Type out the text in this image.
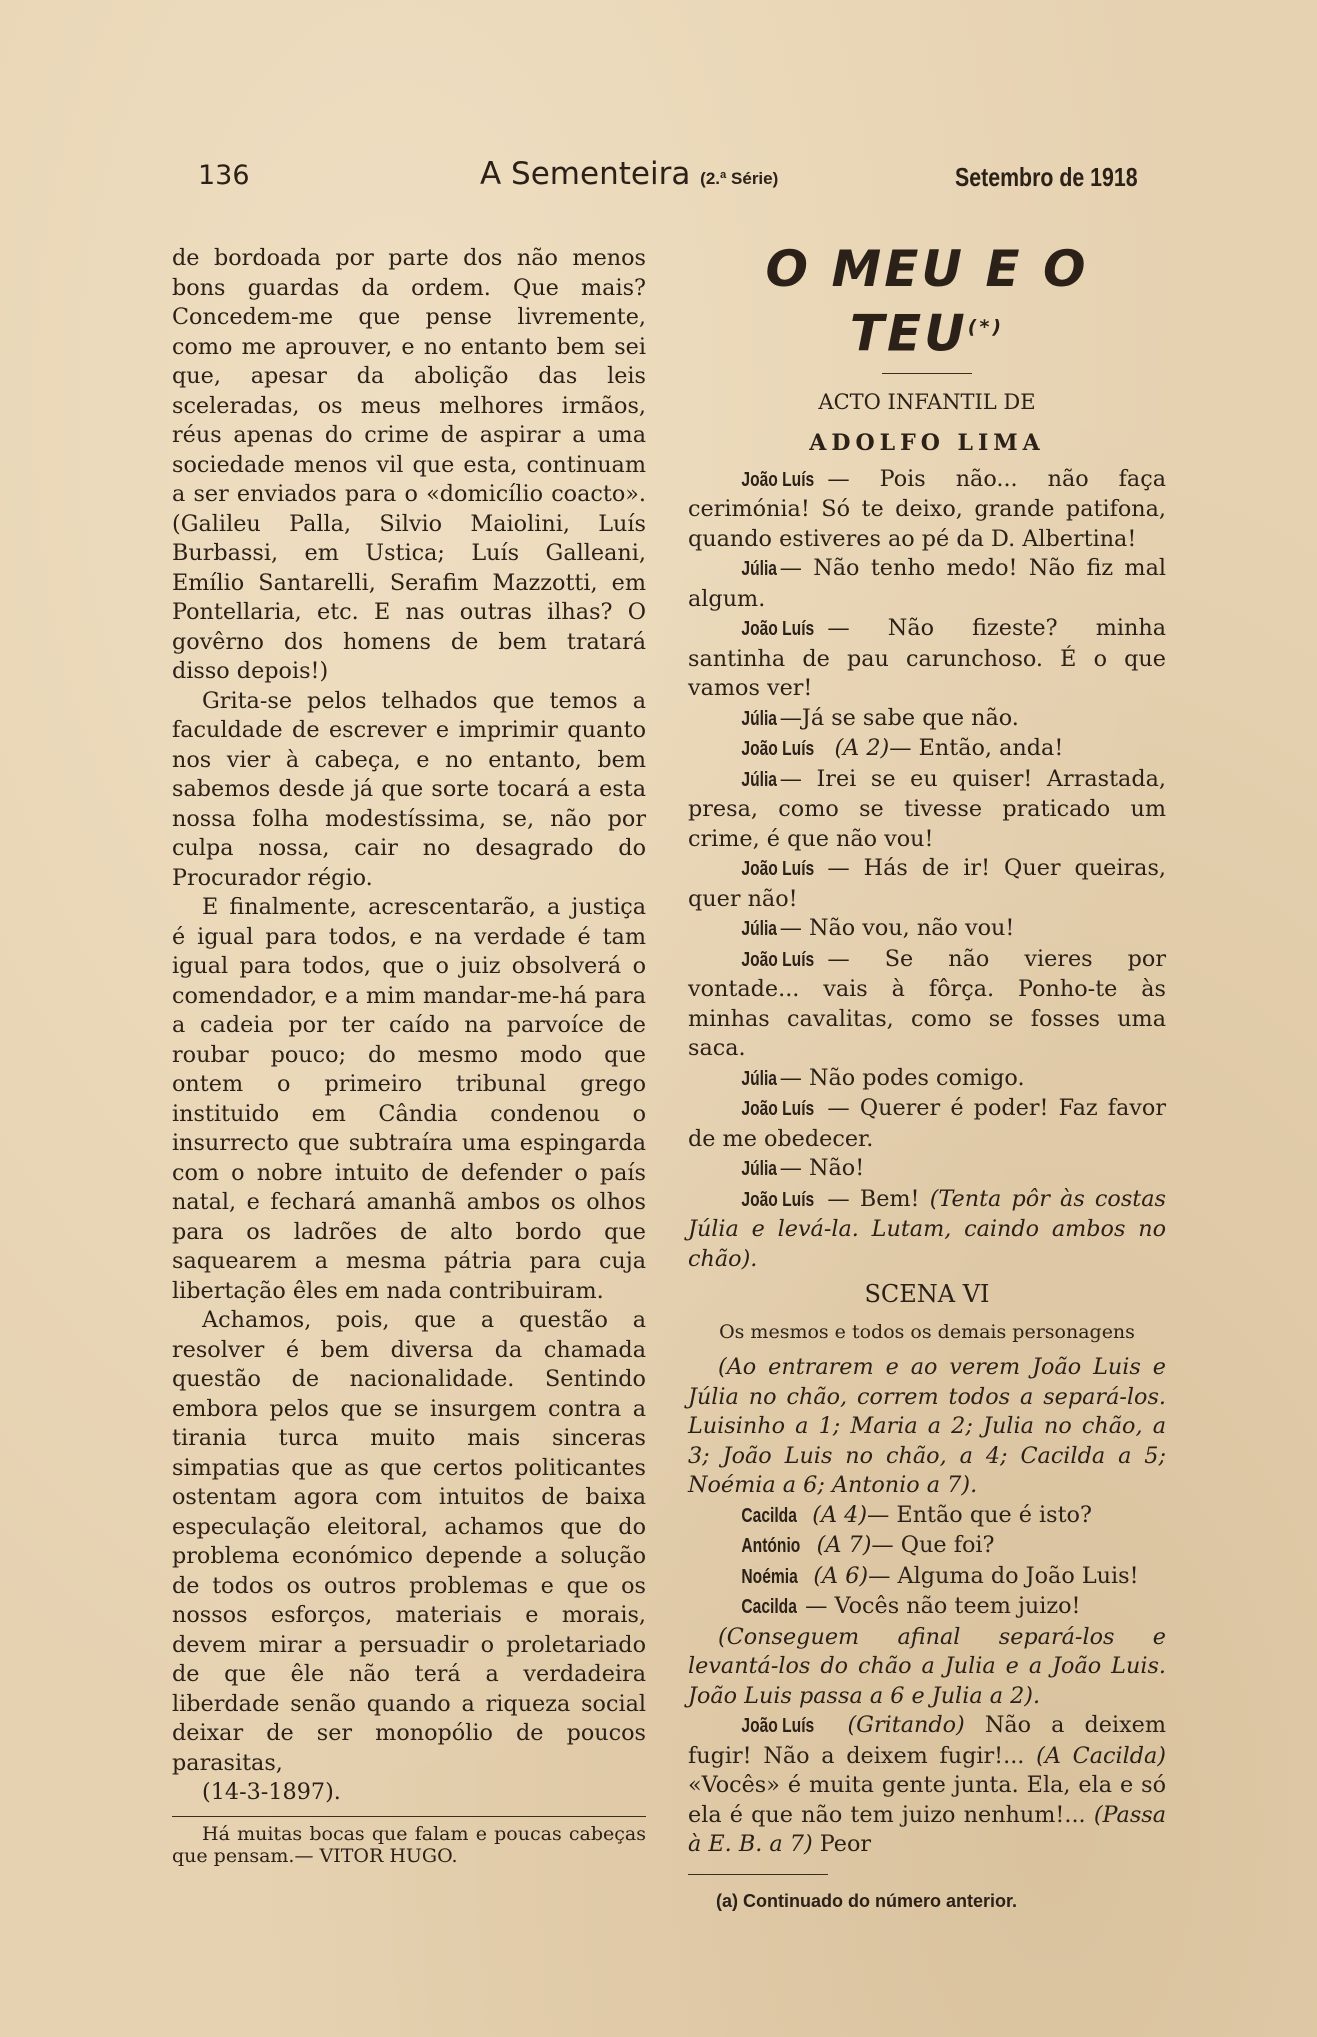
136	A Sementeira (2.ª Série)	Setembro de 1918

de bordoada por parte dos não menos bons guardas da ordem. Que mais? Concedem-me que pense livremente, como me aprouver, e no entanto bem sei que, apesar da abolição das leis sceleradas, os meus melhores irmãos, réus apenas do crime de aspirar a uma sociedade menos vil que esta, continuam a ser enviados para o «domicílio coacto». (Galileu Palla, Silvio Maiolini, Luís Burbassi, em Ustica; Luís Galleani, Emílio Santarelli, Serafim Mazzotti, em Pontellaria, etc. E nas outras ilhas? O govêrno dos homens de bem tratará disso depois!)

Grita-se pelos telhados que temos a faculdade de escrever e imprimir quanto nos vier à cabeça, e no entanto, bem sabemos desde já que sorte tocará a esta nossa folha modestíssima, se, não por culpa nossa, cair no desagrado do Procurador régio.

E finalmente, acrescentarão, a justiça é igual para todos, e na verdade é tam igual para todos, que o juiz obsolverá o comendador, e a mim mandar-me-há para a cadeia por ter caído na parvoíce de roubar pouco; do mesmo modo que ontem o primeiro tribunal grego instituido em Cândia condenou o insurrecto que subtraíra uma espingarda com o nobre intuito de defender o país natal, e fechará amanhã ambos os olhos para os ladrões de alto bordo que saquearem a mesma pátria para cuja libertação êles em nada contribuiram.

Achamos, pois, que a questão a resolver é bem diversa da chamada questão de nacionalidade. Sentindo embora pelos que se insurgem contra a tirania turca muito mais sinceras simpatias que as que certos politicantes ostentam agora com intuitos de baixa especulação eleitoral, achamos que do problema económico depende a solução de todos os outros problemas e que os nossos esforços, materiais e morais, devem mirar a persuadir o proletariado de que êle não terá a verdadeira liberdade senão quando a riqueza social deixar de ser monopólio de poucos parasitas,

(14-3-1897).

Há muitas bocas que falam e poucas cabeças que pensam.— VITOR HUGO.

O MEU E O TEU(*)
ACTO INFANTIL DE
ADOLFO LIMA

João Luís — Pois não... não faça cerimónia! Só te deixo, grande patifona, quando estiveres ao pé da D. Albertina!

Júlia — Não tenho medo! Não fiz mal algum.

João Luís — Não fizeste? minha santinha de pau carunchoso. É o que vamos ver!

Júlia —Já se sabe que não.

João Luís (A 2)— Então, anda!

Júlia — Irei se eu quiser! Arrastada, presa, como se tivesse praticado um crime, é que não vou!

João Luís — Hás de ir! Quer queiras, quer não!

Júlia — Não vou, não vou!

João Luís — Se não vieres por vontade... vais à fôrça. Ponho-te às minhas cavalitas, como se fosses uma saca.

Júlia — Não podes comigo.

João Luís — Querer é poder! Faz favor de me obedecer.

Júlia — Não!

João Luís — Bem! (Tenta pôr às costas Júlia e levá-la. Lutam, caindo ambos no chão).

SCENA VI
Os mesmos e todos os demais personagens

(Ao entrarem e ao verem João Luis e Júlia no chão, correm todos a separá-los. Luisinho a 1; Maria a 2; Julia no chão, a 3; João Luis no chão, a 4; Cacilda a 5; Noémia a 6; Antonio a 7).

Cacilda (A 4)— Então que é isto?

António (A 7)— Que foi?

Noémia (A 6)— Alguma do João Luis!

Cacilda — Vocês não teem juizo!

(Conseguem afinal separá-los e levantá-los do chão a Julia e a João Luis. João Luis passa a 6 e Julia a 2).

João Luís (Gritando) Não a deixem fugir! Não a deixem fugir!... (A Cacilda) «Vocês» é muita gente junta. Ela, ela e só ela é que não tem juizo nenhum!... (Passa à E. B. a 7) Peor

(a) Continuado do número anterior.
